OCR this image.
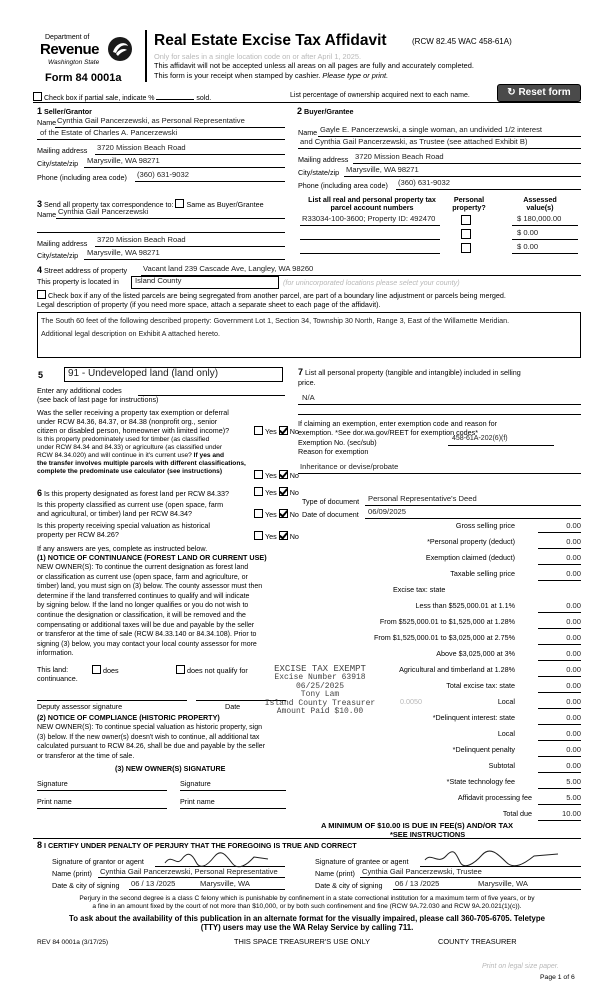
Department of
Revenue
Washington State
Form 84 0001a
Real Estate Excise Tax Affidavit	(RCW 82.45 WAC 458-61A)
Only for sales in a single location code on or after April 1, 2025.
This affidavit will not be accepted unless all areas on all pages are fully and accurately completed.
This form is your receipt when stamped by cashier. Please type or print.
Check box if partial sale, indicate %	sold.	List percentage of ownership acquired next to each name.	↻ Reset form
1 Seller/Grantor
Name Cynthia Gail Pancerzewski, as Personal Representative
of the Estate of Charles A. Pancerzewski
Mailing address 3720 Mission Beach Road
City/state/zip Marysville, WA 98271
Phone (including area code) (360) 631-9032
2 Buyer/Grantee
Name Gayle E. Pancerzewski, a single woman, an undivided 1/2 interest
and Cynthia Gail Pancerzewski, as Trustee (see attached Exhibit B)
Mailing address 3720 Mission Beach Road
City/state/zip Marysville, WA 98271
Phone (including area code) (360) 631-9032
3 Send all property tax correspondence to: Same as Buyer/Grantee
Name Cynthia Gail Pancerzewski
Mailing address 3720 Mission Beach Road
City/state/zip Marysville, WA 98271
List all real and personal property tax
parcel account numbers
Personal
property?
Assessed
value(s)
R33034-100-3600; Property ID: 492470	$ 180,000.00
$ 0.00
$ 0.00
4 Street address of property Vacant land 239 Cascade Ave, Langley, WA 98260
This property is located in	Island County	(for unincorporated locations please select your county)
Check box if any of the listed parcels are being segregated from another parcel, are part of a boundary line adjustment or parcels being merged.
Legal description of property (if you need more space, attach a separate sheet to each page of the affidavit).
The South 60 feet of the following described property: Government Lot 1, Section 34, Township 30 North, Range 3, East of the Willamette Meridian.
Additional legal description on Exhibit A attached hereto.
5 91 - Undeveloped land (land only)
Enter any additional codes
(see back of last page for instructions)
Was the seller receiving a property tax exemption or deferral
under RCW 84.36, 84.37, or 84.38 (nonprofit org., senior
citizen or disabled person, homeowner with limited income)?	Yes No
Is this property predominately used for timber (as classified
under RCW 84.34 and 84.33) or agriculture (as classified under
RCW 84.34.020) and will continue in it's current use? If yes and
the transfer involves multiple parcels with different classifications,
complete the predominate use calculator (see instructions)	Yes No
6 Is this property designated as forest land per RCW 84.33?	Yes No
Is this property classified as current use (open space, farm
and agricultural, or timber) land per RCW 84.34?	Yes No
Is this property receiving special valuation as historical
property per RCW 84.26?	Yes No
If any answers are yes, complete as instructed below.
(1) NOTICE OF CONTINUANCE (FOREST LAND OR CURRENT USE)
NEW OWNER(S): To continue the current designation as forest land
or classification as current use (open space, farm and agriculture, or
timber) land, you must sign on (3) below. The county assessor must then
determine if the land transferred continues to qualify and will indicate
by signing below. If the land no longer qualifies or you do not wish to
continue the designation or classification, it will be removed and the
compensating or additional taxes will be due and payable by the seller
or transferor at the time of sale (RCW 84.33.140 or 84.34.108). Prior to
signing (3) below, you may contact your local county assessor for more
information.
This land:
continuance.
does	does not qualify for
Deputy assessor signature	Date
(2) NOTICE OF COMPLIANCE (HISTORIC PROPERTY)
NEW OWNER(S): To continue special valuation as historic property, sign
(3) below. If the new owner(s) doesn't wish to continue, all additional tax
calculated pursuant to RCW 84.26, shall be due and payable by the seller
or transferor at the time of sale.
(3) NEW OWNER(S) SIGNATURE
Signature	Signature
Print name	Print name
7 List all personal property (tangible and intangible) included in selling
price.
N/A
If claiming an exemption, enter exemption code and reason for
exemption. *See dor.wa.gov/REET for exemption codes*
Exemption No. (sec/sub)
Reason for exemption
458-61A-202(6)(f)
Inheritance or devise/probate
Type of document Personal Representative's Deed
Date of document 06/09/2025
Gross selling price	0.00
*Personal property (deduct)	0.00
Exemption claimed (deduct)	0.00
Taxable selling price	0.00
Excise tax: state
Less than $525,000.01 at 1.1%	0.00
From $525,000.01 to $1,525,000 at 1.28%	0.00
From $1,525,000.01 to $3,025,000 at 2.75%	0.00
Above $3,025,000 at 3%	0.00
Agricultural and timberland at 1.28%	0.00
Total excise tax: state	0.00
0.0050	Local	0.00
*Delinquent interest: state	0.00
Local	0.00
*Delinquent penalty	0.00
Subtotal	0.00
*State technology fee	5.00
Affidavit processing fee	5.00
Total due	10.00
EXCISE TAX EXEMPT
Excise Number 63918
06/25/2025
Tony Lam
Island County Treasurer
Amount Paid $10.00
A MINIMUM OF $10.00 IS DUE IN FEE(S) AND/OR TAX
*SEE INSTRUCTIONS
8 I CERTIFY UNDER PENALTY OF PERJURY THAT THE FOREGOING IS TRUE AND CORRECT
Signature of grantor or agent
Name (print) Cynthia Gail Pancerzewski, Personal Representative
Date & city of signing 06 / 13 /2025	Marysville, WA
Signature of grantee or agent
Name (print) Cynthia Gail Pancerzewski, Trustee
Date & city of signing 06 / 13 /2025	Marysville, WA
Perjury in the second degree is a class C felony which is punishable by confinement in a state correctional institution for a maximum term of five years, or by
a fine in an amount fixed by the court of not more than $10,000, or by both such confinement and fine (RCW 9A.72.030 and RCW 9A.20.021(1)(c)).
To ask about the availability of this publication in an alternate format for the visually impaired, please call 360-705-6705. Teletype
(TTY) users may use the WA Relay Service by calling 711.
REV 84 0001a (3/17/25)	THIS SPACE TREASURER'S USE ONLY	COUNTY TREASURER
Print on legal size paper.
Page 1 of 6
